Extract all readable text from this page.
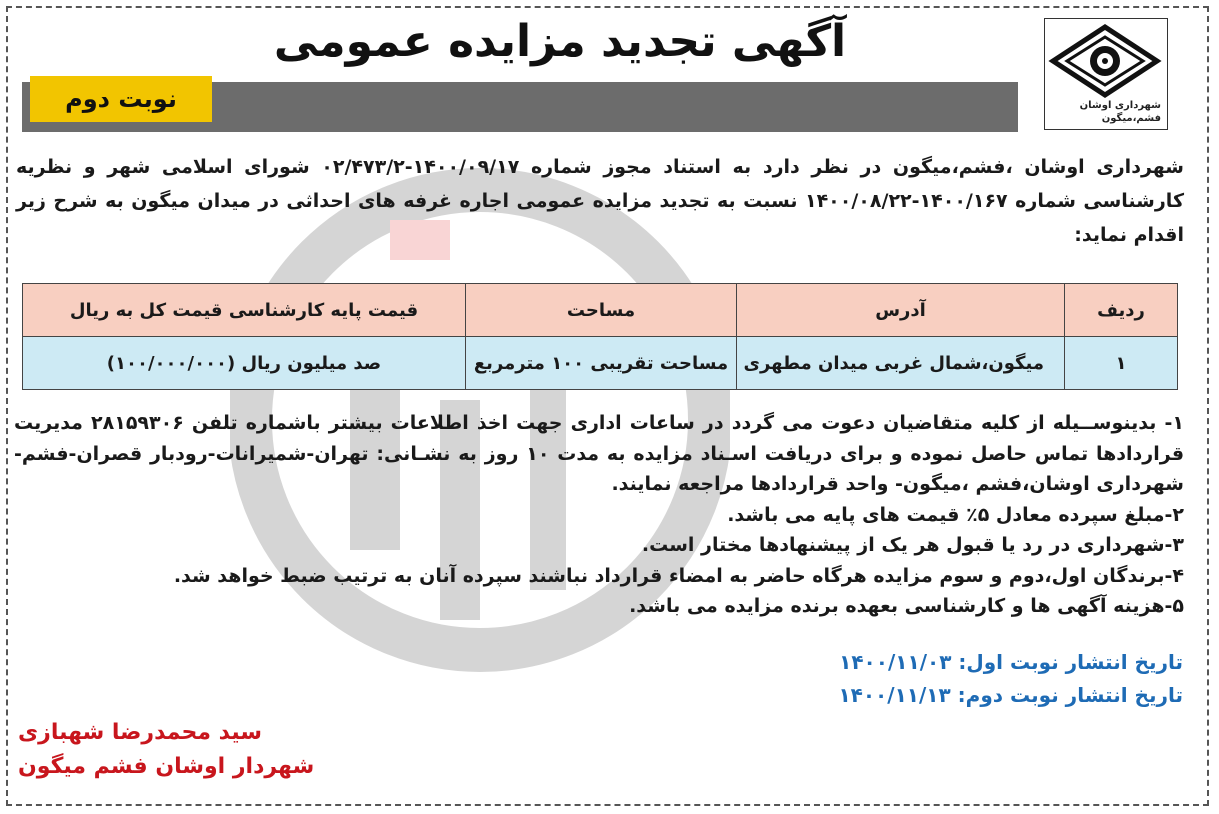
شهرداری اوشان
فشم،میگون
آگهی تجدید مزایده عمومی
نوبت دوم
شهرداری اوشان ،فشم،میگون در نظر دارد به استناد مجوز شماره ۱۴۰۰/۰۹/۱۷-۰۲/۴۷۳/۲ شورای اسلامی شهر و نظریه کارشناسی شماره ۱۴۰۰/۱۶۷-۱۴۰۰/۰۸/۲۲ نسبت به تجدید مزایده عمومی اجاره غرفه های احداثی در میدان میگون به شرح زیر اقدام نماید:
ردیف	آدرس	مساحت	قیمت پایه کارشناسی قیمت کل به ریال
۱	میگون،شمال غربی میدان مطهری	مساحت تقریبی ۱۰۰ مترمربع	صد میلیون ریال (۱۰۰/۰۰۰/۰۰۰)

۱- بدینوســیله از کلیه متقاضیان دعوت می گردد در ساعات اداری جهت اخذ اطلاعات بیشتر باشماره تلفن ۲۸۱۵۹۳۰۶ مدیریت قراردادها تماس حاصل نموده و برای دریافت اسـناد مزایده به مدت ۱۰ روز به نشـانی: تهران-شمیرانات-رودبار قصران-فشم-شهرداری اوشان،فشم ،میگون- واحد قراردادها مراجعه نمایند.

۲-مبلغ سپرده معادل ۵٪ قیمت های پایه می باشد.

۳-شهرداری در رد یا قبول هر یک از پیشنهادها مختار است.

۴-برندگان اول،دوم و سوم مزایده هرگاه حاضر به امضاء قرارداد نباشند سپرده آنان به ترتیب ضبط خواهد شد.

۵-هزینه آگهی ها و کارشناسی بعهده برنده مزایده می باشد.

تاریخ انتشار نوبت اول: ۱۴۰۰/۱۱/۰۳
تاریخ انتشار نوبت دوم: ۱۴۰۰/۱۱/۱۳
سید محمدرضا شهبازی
شهردار اوشان فشم میگون
